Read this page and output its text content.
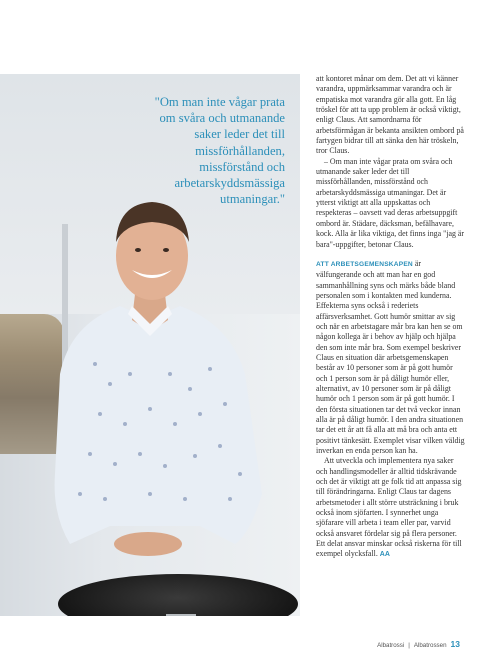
"Om man inte vågar prata om svåra och utmanande saker leder det till missförhållanden, missförstånd och arbetarskyddsmässiga utmaningar."

att kontoret månar om dem. Det att vi känner varandra, uppmärksammar varandra och är empatiska mot varandra gör alla gott. En låg tröskel för att ta upp problem är också viktigt, enligt Claus. Att samordnarna för arbetsförmågan är bekanta ansikten ombord på fartygen bidrar till att sänka den här tröskeln, tror Claus.

– Om man inte vågar prata om svåra och utmanande saker leder det till missförhållanden, missförstånd och arbetarskyddsmässiga utmaningar. Det är ytterst viktigt att alla uppskattas och respekteras – oavsett vad deras arbetsuppgift ombord är. Städare, däcksman, befälhavare, kock. Alla är lika viktiga, det finns inga "jag är bara"-uppgifter, betonar Claus.

ATT ARBETSGEMENSKAPEN är välfungerande och att man har en god sammanhållning syns och märks både bland personalen som i kontakten med kunderna. Effekterna syns också i rederiets affärsverksamhet. Gott humör smittar av sig och när en arbetstagare mår bra kan hen se om någon kollega är i behov av hjälp och hjälpa den som inte mår bra. Som exempel beskriver Claus en situation där arbetsgemenskapen består av 10 personer som är på gott humör och 1 person som är på dåligt humör eller, alternativt, av 10 personer som är på dåligt humör och 1 person som är på gott humör. I den första situationen tar det två veckor innan alla är på dåligt humör. I den andra situationen tar det ett år att få alla att må bra och anta ett positivt tänkesätt. Exemplet visar vilken väldig inverkan en enda person kan ha.

Att utveckla och implementera nya saker och handlingsmodeller är alltid tidskrävande och det är viktigt att ge folk tid att anpassa sig till förändringarna. Enligt Claus tar dagens arbetsmetoder i allt större utsträckning i bruk också inom sjöfarten. I synnerhet unga sjöfarare vill arbeta i team eller par, varvid också ansvaret fördelar sig på flera personer. Ett delat ansvar minskar också riskerna för till exempel olycksfall. AA

Albatrossi | Albatrossen 13
